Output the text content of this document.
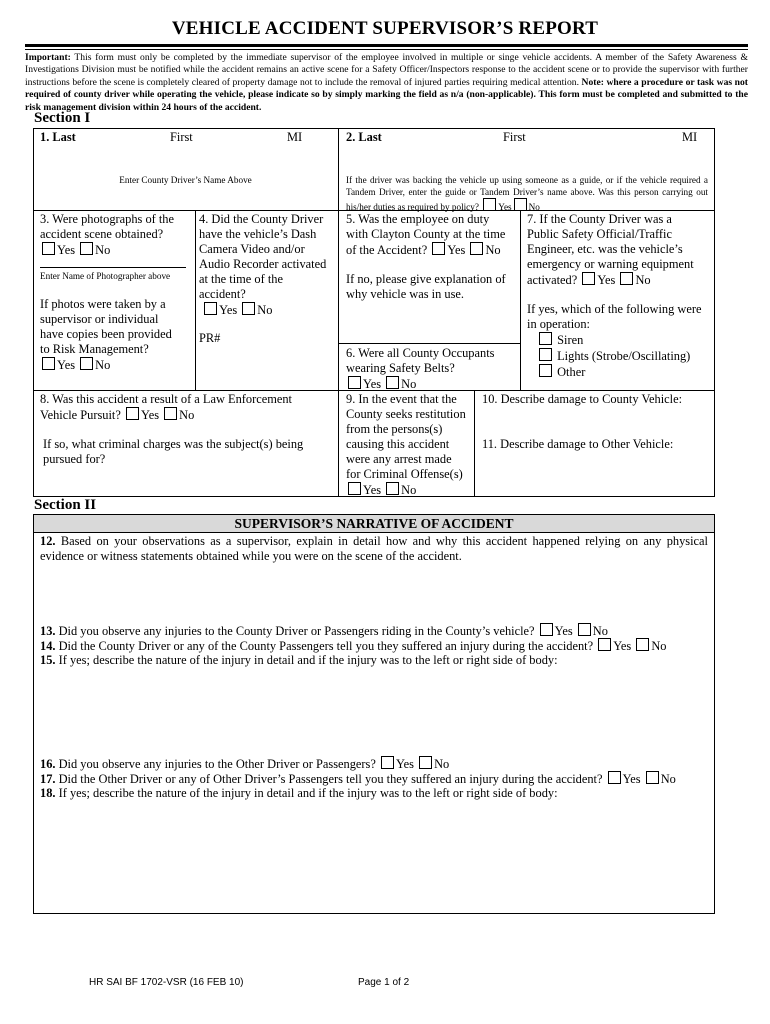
VEHICLE ACCIDENT SUPERVISOR’S REPORT
Important: This form must only be completed by the immediate supervisor of the employee involved in multiple or singe vehicle accidents. A member of the Safety Awareness & Investigations Division must be notified while the accident remains an active scene for a Safety Officer/Inspectors response to the accident scene or to provide the supervisor with further instructions before the scene is completely cleared of property damage not to include the removal of injured parties requiring medical attention. Note: where a procedure or task was not required of county driver while operating the vehicle, please indicate so by simply marking the field as n/a (non-applicable). This form must be completed and submitted to the risk management division within 24 hours of the accident.
Section I
1. Last	First	MI
Enter County Driver’s Name Above
2. Last	First	MI
If the driver was backing the vehicle up using someone as a guide, or if the vehicle required a Tandem Driver, enter the guide or Tandem Driver’s name above. Was this person carrying out his/her duties as required by policy? Yes No
3. Were photographs of the
accident scene obtained?
Yes No
Enter Name of Photographer above
If photos were taken by a
supervisor or individual
have copies been provided
to Risk Management?
Yes No
4. Did the County Driver
have the vehicle’s Dash
Camera Video and/or
Audio Recorder activated
at the time of the
accident?
Yes No
PR#
5. Was the employee on duty
with Clayton County at the time
of the Accident? Yes No
If no, please give explanation of
why vehicle was in use.
6. Were all County Occupants
wearing Safety Belts?
Yes No
7. If the County Driver was a
Public Safety Official/Traffic
Engineer, etc. was the vehicle’s
emergency or warning equipment
activated? Yes No
If yes, which of the following were
in operation:
Siren
Lights (Strobe/Oscillating)
Other
8. Was this accident a result of a Law Enforcement
Vehicle Pursuit? Yes No
If so, what criminal charges was the subject(s) being
pursued for?
9. In the event that the
County seeks restitution
from the persons(s)
causing this accident
were any arrest made
for Criminal Offense(s)
Yes No
10. Describe damage to County Vehicle:
11. Describe damage to Other Vehicle:
Section II
SUPERVISOR’S NARRATIVE OF ACCIDENT
12. Based on your observations as a supervisor, explain in detail how and why this accident happened relying on any physical evidence or witness statements obtained while you were on the scene of the accident.
13. Did you observe any injuries to the County Driver or Passengers riding in the County’s vehicle? Yes No
14. Did the County Driver or any of the County Passengers tell you they suffered an injury during the accident? Yes No
15. If yes; describe the nature of the injury in detail and if the injury was to the left or right side of body:
16. Did you observe any injuries to the Other Driver or Passengers? Yes No
17. Did the Other Driver or any of Other Driver’s Passengers tell you they suffered an injury during the accident? Yes No
18. If yes; describe the nature of the injury in detail and if the injury was to the left or right side of body:
HR SAI BF 1702-VSR (16 FEB 10)	Page 1 of 2
